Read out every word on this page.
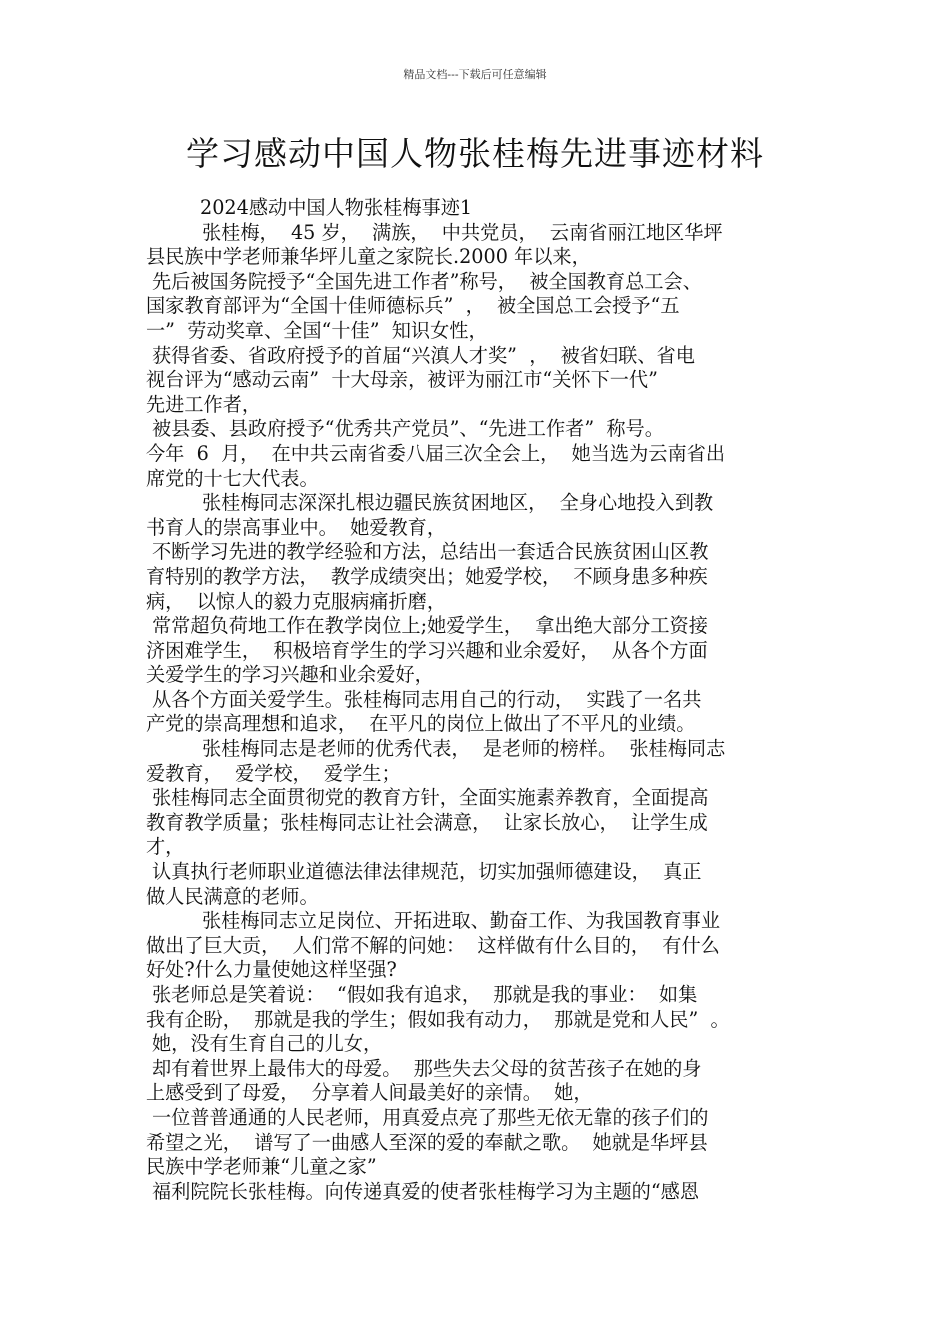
精品文档---下载后可任意编辑
学习感动中国人物张桂梅先进事迹材料
2024感动中国人物张桂梅事迹1
张桂梅，  45 岁，  满族，  中共党员，  云南省丽江地区华坪
县民族中学老师兼华坪儿童之家院长.2000 年以来，
先后被国务院授予“全国先进工作者”称号，  被全国教育总工会、
国家教育部评为“全国十佳师德标兵”  ，  被全国总工会授予“五
一”  劳动奖章、全国“十佳”  知识女性，
获得省委、省政府授予的首届“兴滇人才奖”  ，  被省妇联、省电
视台评为“感动云南”  十大母亲，被评为丽江市“关怀下一代”
先进工作者，
被县委、县政府授予“优秀共产党员”、“先进工作者”  称号。
今年  6  月，  在中共云南省委八届三次全会上，  她当选为云南省出
席党的十七大代表。
张桂梅同志深深扎根边疆民族贫困地区，  全身心地投入到教
书育人的崇高事业中。  她爱教育，
不断学习先进的教学经验和方法，总结出一套适合民族贫困山区教
育特别的教学方法，  教学成绩突出；她爱学校，  不顾身患多种疾
病，  以惊人的毅力克服病痛折磨，
常常超负荷地工作在教学岗位上;她爱学生，  拿出绝大部分工资接
济困难学生，  积极培育学生的学习兴趣和业余爱好，  从各个方面
关爱学生的学习兴趣和业余爱好，
从各个方面关爱学生。张桂梅同志用自己的行动，  实践了一名共
产党的崇高理想和追求，  在平凡的岗位上做出了不平凡的业绩。
张桂梅同志是老师的优秀代表，  是老师的榜样。  张桂梅同志
爱教育，  爱学校，  爱学生；
张桂梅同志全面贯彻党的教育方针，全面实施素养教育，全面提高
教育教学质量；张桂梅同志让社会满意，  让家长放心，  让学生成
才，
认真执行老师职业道德法律法律规范，切实加强师德建设，  真正
做人民满意的老师。
张桂梅同志立足岗位、开拓进取、勤奋工作、为我国教育事业
做出了巨大贡，  人们常不解的问她：  这样做有什么目的，  有什么
好处?什么力量使她这样坚强?
张老师总是笑着说：  “假如我有追求，  那就是我的事业：  如集
我有企盼，  那就是我的学生；假如我有动力，  那就是党和人民”  。
她，没有生育自己的儿女，
却有着世界上最伟大的母爱。  那些失去父母的贫苦孩子在她的身
上感受到了母爱，  分享着人间最美好的亲情。  她，
一位普普通通的人民老师，用真爱点亮了那些无依无靠的孩子们的
希望之光，  谱写了一曲感人至深的爱的奉献之歌。  她就是华坪县
民族中学老师兼“儿童之家”
福利院院长张桂梅。向传递真爱的使者张桂梅学习为主题的“感恩
